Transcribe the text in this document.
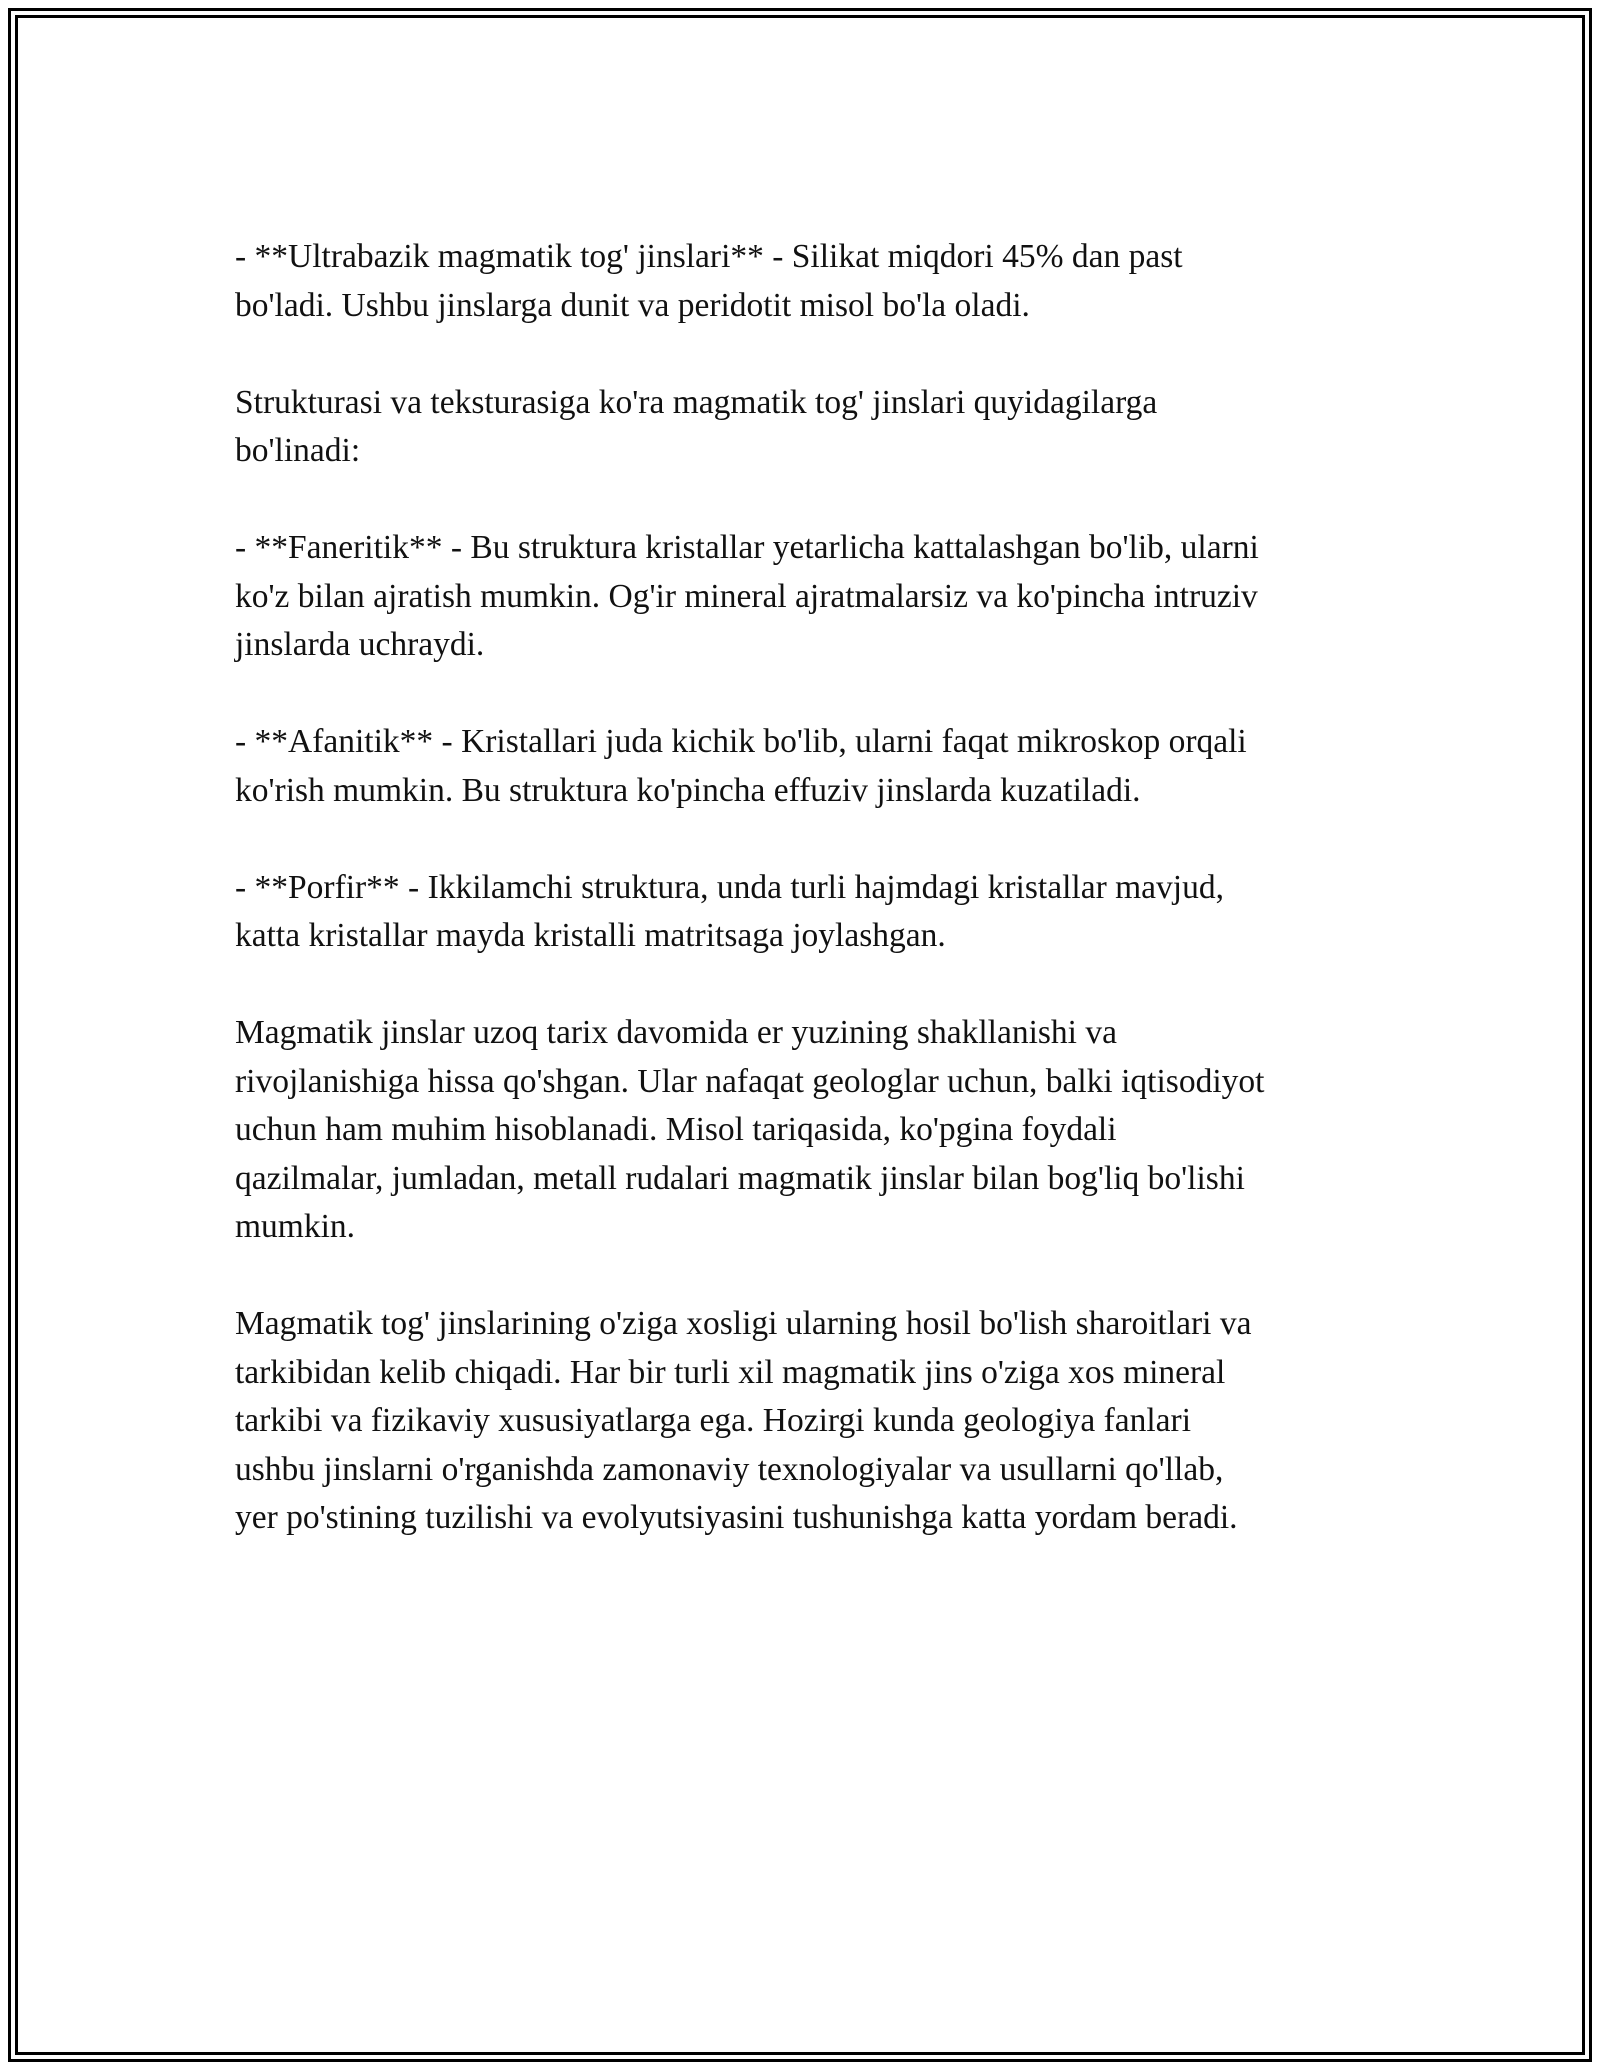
- **Ultrabazik magmatik tog' jinslari** - Silikat miqdori 45% dan past
bo'ladi. Ushbu jinslarga dunit va peridotit misol bo'la oladi.

Strukturasi va teksturasiga ko'ra magmatik tog' jinslari quyidagilarga
bo'linadi:

- **Faneritik** - Bu struktura kristallar yetarlicha kattalashgan bo'lib, ularni
ko'z bilan ajratish mumkin. Og'ir mineral ajratmalarsiz va ko'pincha intruziv
jinslarda uchraydi.

- **Afanitik** - Kristallari juda kichik bo'lib, ularni faqat mikroskop orqali
ko'rish mumkin. Bu struktura ko'pincha effuziv jinslarda kuzatiladi.

- **Porfir** - Ikkilamchi struktura, unda turli hajmdagi kristallar mavjud,
katta kristallar mayda kristalli matritsaga joylashgan.

Magmatik jinslar uzoq tarix davomida er yuzining shakllanishi va
rivojlanishiga hissa qo'shgan. Ular nafaqat geologlar uchun, balki iqtisodiyot
uchun ham muhim hisoblanadi. Misol tariqasida, ko'pgina foydali
qazilmalar, jumladan, metall rudalari magmatik jinslar bilan bog'liq bo'lishi
mumkin.

Magmatik tog' jinslarining o'ziga xosligi ularning hosil bo'lish sharoitlari va
tarkibidan kelib chiqadi. Har bir turli xil magmatik jins o'ziga xos mineral
tarkibi va fizikaviy xususiyatlarga ega. Hozirgi kunda geologiya fanlari
ushbu jinslarni o'rganishda zamonaviy texnologiyalar va usullarni qo'llab,
yer po'stining tuzilishi va evolyutsiyasini tushunishga katta yordam beradi.
